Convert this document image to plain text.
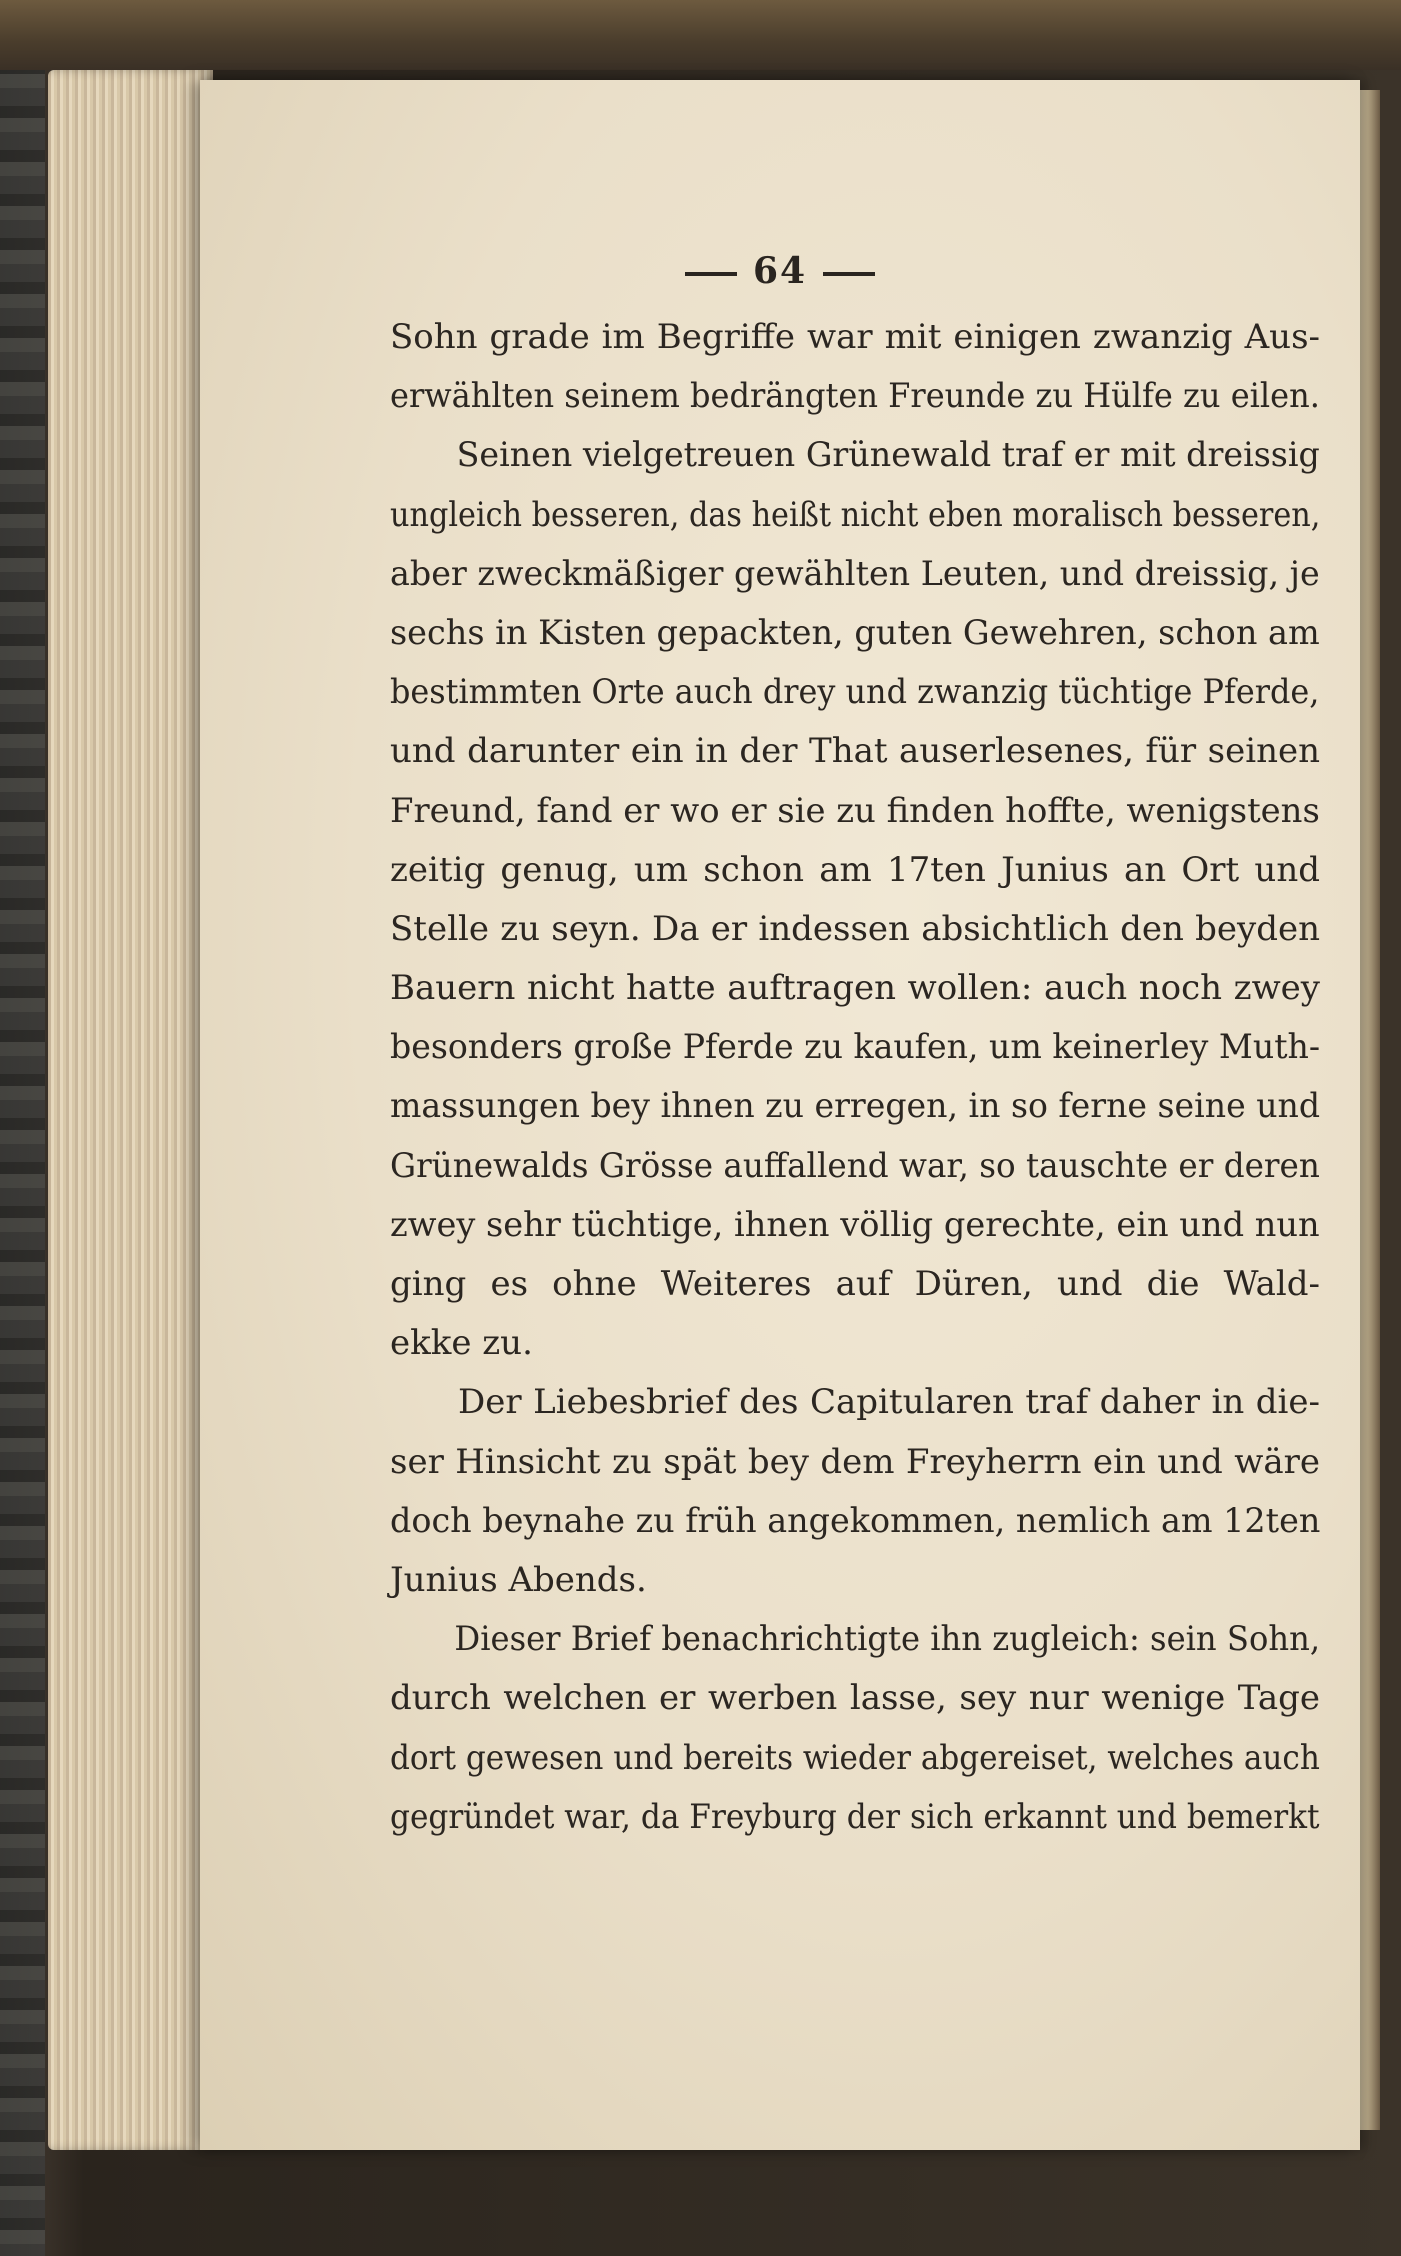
64
Sohn grade im Begriffe war mit einigen zwanzig Aus-
erwählten seinem bedrängten Freunde zu Hülfe zu eilen.
Seinen vielgetreuen Grünewald traf er mit dreissig
ungleich besseren, das heißt nicht eben moralisch besseren,
aber zweckmäßiger gewählten Leuten, und dreissig, je
sechs in Kisten gepackten, guten Gewehren, schon am
bestimmten Orte auch drey und zwanzig tüchtige Pferde,
und darunter ein in der That auserlesenes, für seinen
Freund, fand er wo er sie zu finden hoffte, wenigstens
zeitig genug, um schon am 17ten Junius an Ort und
Stelle zu seyn. Da er indessen absichtlich den beyden
Bauern nicht hatte auftragen wollen: auch noch zwey
besonders große Pferde zu kaufen, um keinerley Muth-
massungen bey ihnen zu erregen, in so ferne seine und
Grünewalds Grösse auffallend war, so tauschte er deren
zwey sehr tüchtige, ihnen völlig gerechte, ein und nun
ging es ohne Weiteres auf Düren, und die Wald-
ekke zu.
Der Liebesbrief des Capitularen traf daher in die-
ser Hinsicht zu spät bey dem Freyherrn ein und wäre
doch beynahe zu früh angekommen, nemlich am 12ten
Junius Abends.
Dieser Brief benachrichtigte ihn zugleich: sein Sohn,
durch welchen er werben lasse, sey nur wenige Tage
dort gewesen und bereits wieder abgereiset, welches auch
gegründet war, da Freyburg der sich erkannt und bemerkt
